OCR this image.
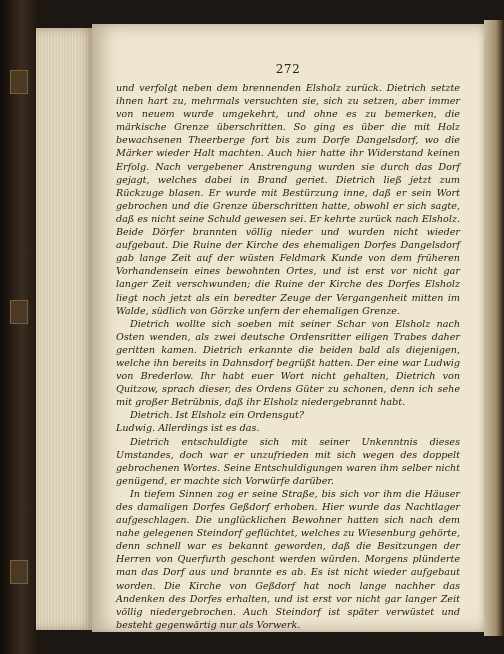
272

und verfolgt neben dem brennenden Elsholz zurück. Dietrich setzte ihnen hart zu, mehrmals versuchten sie, sich zu setzen, aber immer von neuem wurde umgekehrt, und ohne es zu bemerken, die märkische Grenze überschritten. So ging es über die mit Holz bewachsenen Theerberge fort bis zum Dorfe Dangelsdorf, wo die Märker wieder Halt machten. Auch hier hatte ihr Widerstand keinen Erfolg. Nach vergebener Anstrengung wurden sie durch das Dorf gejagt, welches dabei in Brand geriet. Dietrich ließ jetzt zum Rückzuge blasen. Er wurde mit Bestürzung inne, daß er sein Wort gebrochen und die Grenze überschritten hatte, obwohl er sich sagte, daß es nicht seine Schuld gewesen sei. Er kehrte zurück nach Elsholz. Beide Dörfer brannten völlig nieder und wurden nicht wieder aufgebaut. Die Ruine der Kirche des ehemaligen Dorfes Dangelsdorf gab lange Zeit auf der wüsten Feldmark Kunde von dem früheren Vorhandensein eines bewohnten Ortes, und ist erst vor nicht gar langer Zeit verschwunden; die Ruine der Kirche des Dorfes Elsholz liegt noch jetzt als ein beredter Zeuge der Vergangenheit mitten im Walde, südlich von Görzke unfern der ehemaligen Grenze.

Dietrich wollte sich soeben mit seiner Schar von Elsholz nach Osten wenden, als zwei deutsche Ordensritter eiligen Trabes daher geritten kamen. Dietrich erkannte die beiden bald als diejenigen, welche ihn bereits in Dahnsdorf begrüßt hatten. Der eine war Ludwig von Brederlow. Ihr habt euer Wort nicht gehalten, Dietrich von Quitzow, sprach dieser, des Ordens Güter zu schonen, denn ich sehe mit großer Betrübnis, daß ihr Elsholz niedergebrannt habt.

Dietrich. Ist Elsholz ein Ordensgut?

Ludwig. Allerdings ist es das.

Dietrich entschuldigte sich mit seiner Unkenntnis dieses Umstandes, doch war er unzufrieden mit sich wegen des doppelt gebrochenen Wortes. Seine Entschuldigungen waren ihm selber nicht genügend, er machte sich Vorwürfe darüber.

In tiefem Sinnen zog er seine Straße, bis sich vor ihm die Häuser des damaligen Dorfes Geßdorf erhoben. Hier wurde das Nachtlager aufgeschlagen. Die unglücklichen Bewohner hatten sich nach dem nahe gelegenen Steindorf geflüchtet, welches zu Wiesenburg gehörte, denn schnell war es bekannt geworden, daß die Besitzungen der Herren von Querfurth geschont werden würden. Morgens plünderte man das Dorf aus und brannte es ab. Es ist nicht wieder aufgebaut worden. Die Kirche von Geßdorf hat noch lange nachher das Andenken des Dorfes erhalten, und ist erst vor nicht gar langer Zeit völlig niedergebrochen. Auch Steindorf ist später verwüstet und besteht gegenwärtig nur als Vorwerk.

Dietrich zog auf einem Waldwege nach Bosdorf, welchem Orte
